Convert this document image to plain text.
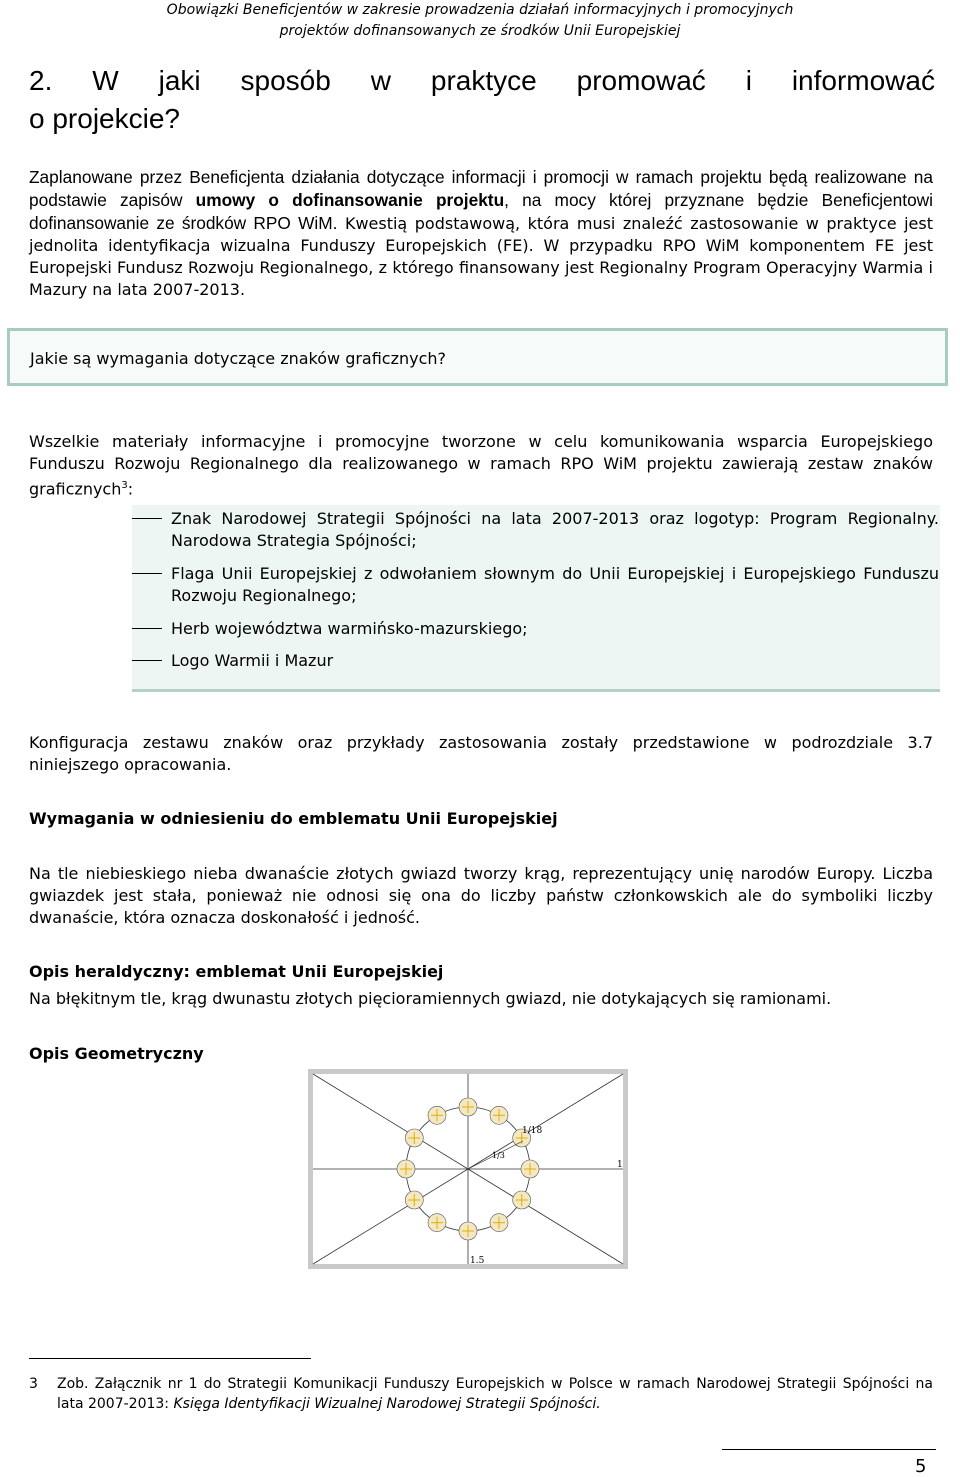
Obowiązki Beneficjentów w zakresie prowadzenia działań informacyjnych i promocyjnych
projektów dofinansowanych ze środków Unii Europejskiej
2. W jaki sposób w praktyce promować i informować
o projekcie?
Zaplanowane przez Beneficjenta działania dotyczące informacji i promocji w ramach projektu będą realizowane na podstawie zapisów umowy o dofinansowanie projektu, na mocy której przyznane będzie Beneficjentowi dofinansowanie ze środków RPO WiM. Kwestią podstawową, która musi znaleźć zastosowanie w praktyce jest jednolita identyfikacja wizualna Funduszy Europejskich (FE). W przypadku RPO WiM komponentem FE jest Europejski Fundusz Rozwoju Regionalnego, z którego finansowany jest Regionalny Program Operacyjny Warmia i Mazury na lata 2007-2013.
Jakie są wymagania dotyczące znaków graficznych?
Wszelkie materiały informacyjne i promocyjne tworzone w celu komunikowania wsparcia Europejskiego Funduszu Rozwoju Regionalnego dla realizowanego w ramach RPO WiM projektu zawierają zestaw znaków graficznych$^3$:
Znak Narodowej Strategii Spójności na lata 2007-2013 oraz logotyp: Program Regionalny. Narodowa Strategia Spójności;
Flaga Unii Europejskiej z odwołaniem słownym do Unii Europejskiej i Europejskiego Funduszu Rozwoju Regionalnego;
Herb województwa warmińsko-mazurskiego;
Logo Warmii i Mazur
Konfiguracja zestawu znaków oraz przykłady zastosowania zostały przedstawione w podrozdziale 3.7 niniejszego opracowania.
Wymagania w odniesieniu do emblematu Unii Europejskiej
Na tle niebieskiego nieba dwanaście złotych gwiazd tworzy krąg, reprezentujący unię narodów Europy. Liczba gwiazdek jest stała, ponieważ nie odnosi się ona do liczby państw członkowskich ale do symboliki liczby dwanaście, która oznacza doskonałość i jedność.
Opis heraldyczny: emblemat Unii Europejskiej
Na błękitnym tle, krąg dwunastu złotych pięcioramiennych gwiazd, nie dotykających się ramionami.
Opis Geometryczny
1/18
1/3
1
1.5
3 Zob. Załącznik nr 1 do Strategii Komunikacji Funduszy Europejskich w Polsce w ramach Narodowej Strategii Spójności na lata 2007-2013: Księga Identyfikacji Wizualnej Narodowej Strategii Spójności.
5
